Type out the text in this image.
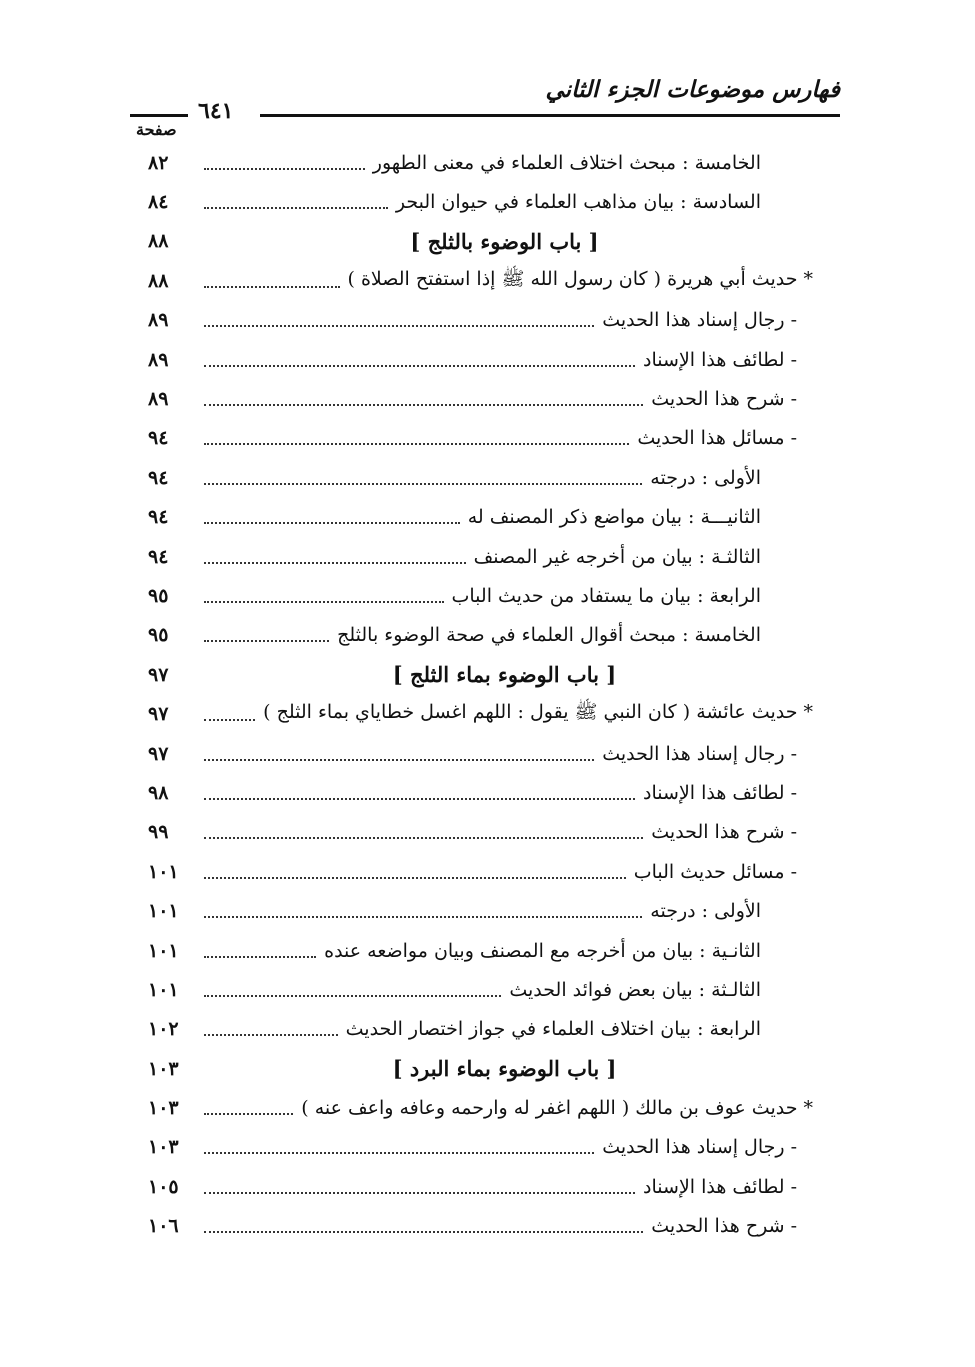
فهارس موضوعات الجزء الثاني
٦٤١
صفحة
الخامسة : مبحث اختلاف العلماء في معنى الطهور
٨٢
السادسة : بيان مذاهب العلماء في حيوان البحر
٨٤
[ باب الوضوء بالثلج ]
٨٨
* حديث أبي هريرة ( كان رسول الله ﷺ إذا استفتح الصلاة )
٨٨
- رجال إسناد هذا الحديث
٨٩
- لطائف هذا الإسناد
٨٩
- شرح هذا الحديث
٨٩
- مسائل هذا الحديث
٩٤
الأولى : درجته
٩٤
الثانيـــة : بيان مواضع ذكر المصنف له
٩٤
الثالثـة : بيان من أخرجه غير المصنف
٩٤
الرابعة : بيان ما يستفاد من حديث الباب
٩٥
الخامسة : مبحث أقوال العلماء في صحة الوضوء بالثلج
٩٥
[ باب الوضوء بماء الثلج ]
٩٧
* حديث عائشة ( كان النبي ﷺ يقول : اللهم اغسل خطاياي بماء الثلج )
٩٧
- رجال إسناد هذا الحديث
٩٧
- لطائف هذا الإسناد
٩٨
- شرح هذا الحديث
٩٩
- مسائل حديث الباب
١٠١
الأولى : درجته
١٠١
الثانـية : بيان من أخرجه مع المصنف وبيان مواضعه عنده
١٠١
الثالـثة : بيان بعض فوائد الحديث
١٠١
الرابعة : بيان اختلاف العلماء في جواز اختصار الحديث
١٠٢
[ باب الوضوء بماء البرد ]
١٠٣
* حديث عوف بن مالك ( اللهم اغفر له وارحمه وعافه واعف عنه )
١٠٣
- رجال إسناد هذا الحديث
١٠٣
- لطائف هذا الإسناد
١٠٥
- شرح هذا الحديث
١٠٦
